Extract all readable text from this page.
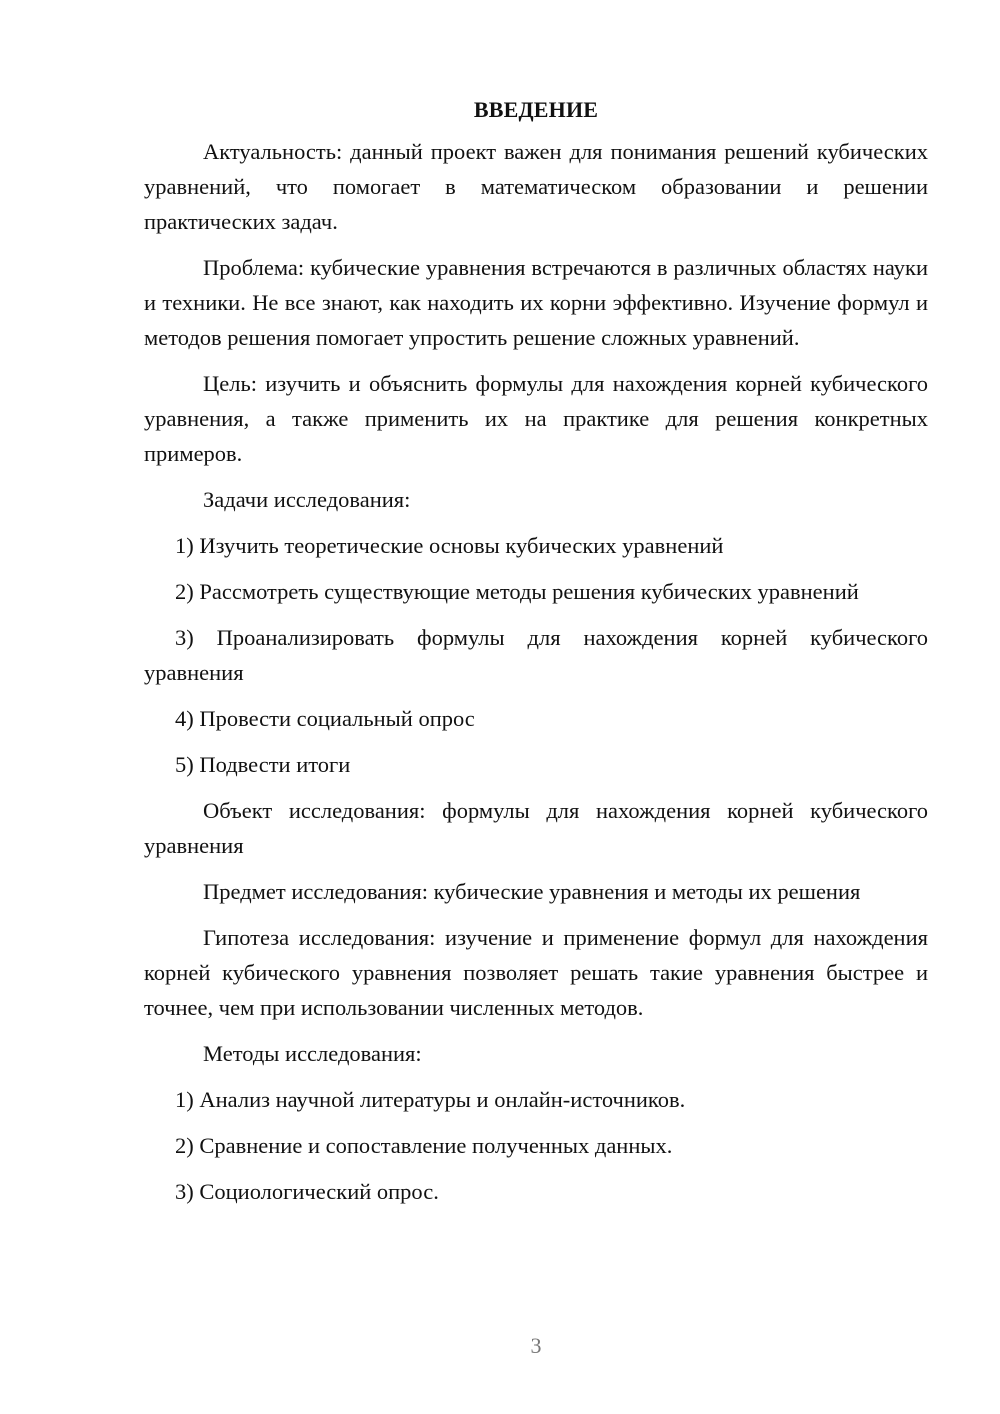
ВВЕДЕНИЕ

Актуальность: данный проект важен для понимания решений кубических уравнений, что помогает в математическом образовании и решении практических задач.

Проблема: кубические уравнения встречаются в различных областях науки и техники. Не все знают, как находить их корни эффективно. Изучение формул и методов решения помогает упростить решение сложных уравнений.

Цель: изучить и объяснить формулы для нахождения корней кубического уравнения, а также применить их на практике для решения конкретных примеров.

Задачи исследования:

1) Изучить теоретические основы кубических уравнений

2) Рассмотреть существующие методы решения кубических уравнений

3) Проанализировать формулы для нахождения корней кубического уравнения

4) Провести социальный опрос

5) Подвести итоги

Объект исследования: формулы для нахождения корней кубического уравнения

Предмет исследования: кубические уравнения и методы их решения

Гипотеза исследования: изучение и применение формул для нахождения корней кубического уравнения позволяет решать такие уравнения быстрее и точнее, чем при использовании численных методов.

Методы исследования:

1) Анализ научной литературы и онлайн-источников.

2) Сравнение и сопоставление полученных данных.

3) Социологический опрос.

3
